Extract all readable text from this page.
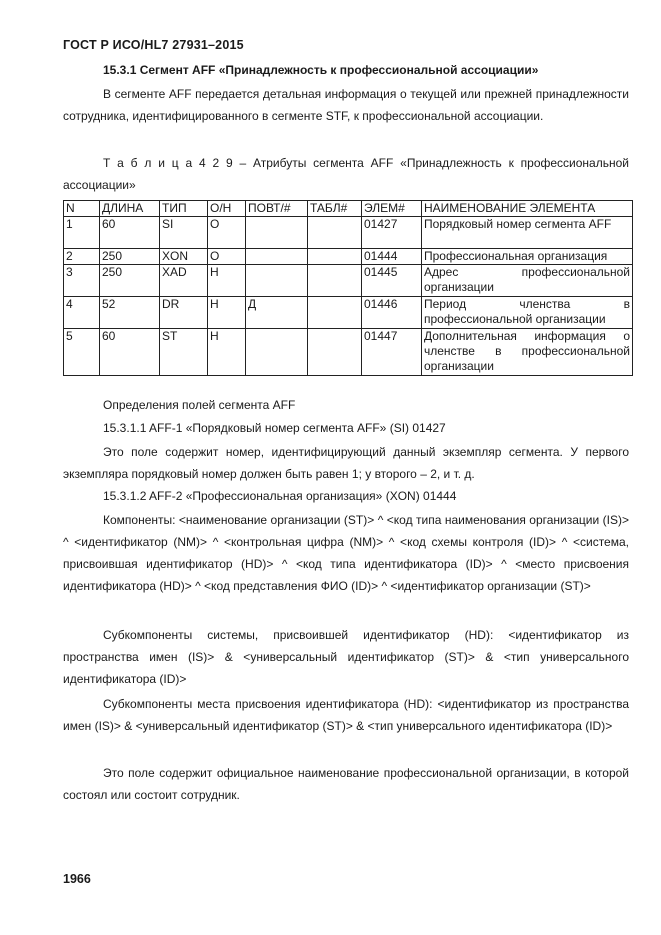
ГОСТ Р ИСО/HL7 27931–2015
15.3.1 Сегмент AFF «Принадлежность к профессиональной ассоциации»
В сегменте AFF передается детальная информация о текущей или прежней принадлежности сотрудника, идентифицированного в сегменте STF, к профессиональной ассоциации.
Т а б л и ц а 4 2 9 – Атрибуты сегмента AFF «Принадлежность к профессиональной ассоциации»
N	ДЛИНА	ТИП	О/Н	ПОВТ/#	ТАБЛ#	ЭЛЕМ#	НАИМЕНОВАНИЕ ЭЛЕМЕНТА
1	60	SI	О			01427	Порядковый номер сегмента AFF
2	250	XON	О			01444	Профессиональная организация
3	250	XAD	Н			01445	Адрес профессиональной организации
4	52	DR	Н	Д		01446	Период членства в профессиональной организации
5	60	ST	Н			01447	Дополнительная информация о членстве в профессиональной организации
Определения полей сегмента AFF
15.3.1.1 AFF-1 «Порядковый номер сегмента AFF» (SI) 01427
Это поле содержит номер, идентифицирующий данный экземпляр сегмента. У первого экземпляра порядковый номер должен быть равен 1; у второго – 2, и т. д.
15.3.1.2 AFF-2 «Профессиональная организация» (XON) 01444
Компоненты: <наименование организации (ST)> ^ <код типа наименования организации (IS)> ^ <идентификатор (NM)> ^ <контрольная цифра (NM)> ^ <код схемы контроля (ID)> ^ <система, присвоившая идентификатор (HD)> ^ <код типа идентификатора (ID)> ^ <место присвоения идентификатора (HD)> ^ <код представления ФИО (ID)> ^ <идентификатор организации (ST)>
Субкомпоненты системы, присвоившей идентификатор (HD): <идентификатор из пространства имен (IS)> & <универсальный идентификатор (ST)> & <тип универсального идентификатора (ID)>
Субкомпоненты места присвоения идентификатора (HD): <идентификатор из пространства имен (IS)> & <универсальный идентификатор (ST)> & <тип универсального идентификатора (ID)>
Это поле содержит официальное наименование профессиональной организации, в которой состоял или состоит сотрудник.
1966
